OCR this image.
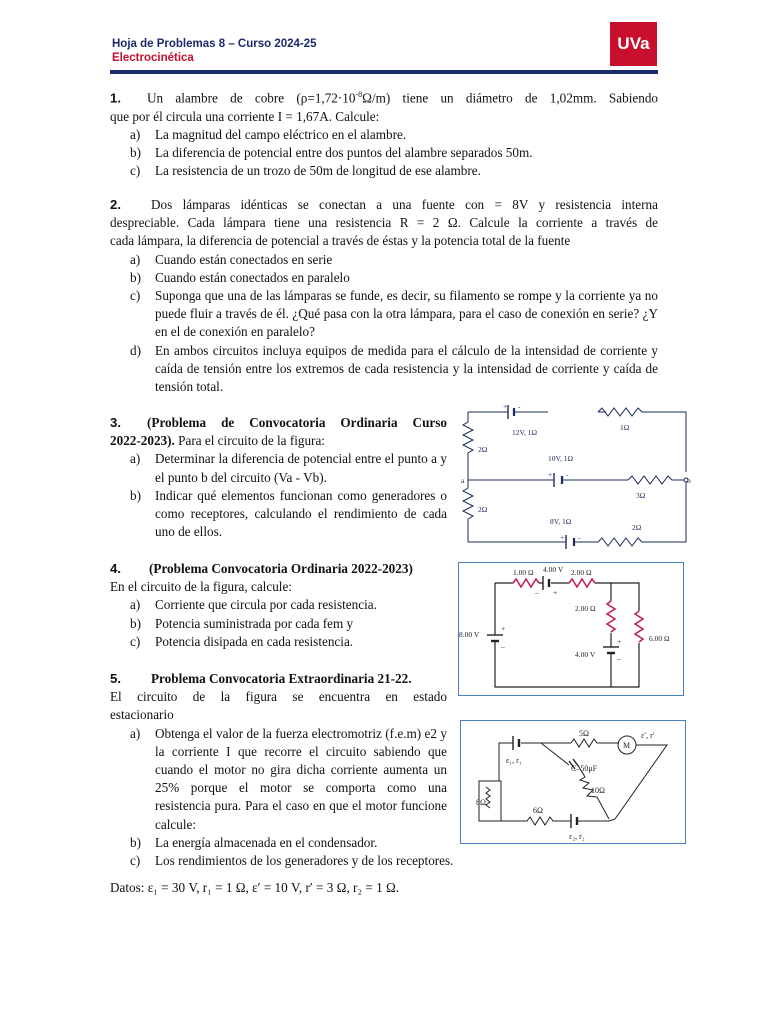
Hoja de Problemas 8 – Curso 2024-25
Electrocinética
UVa
1. Un alambre de cobre $(\rho=1,72\cdot 10^{-8}\Omega/m)$ tiene un diámetro de 1,02mm. Sabiendo
que por él circula una corriente I = 1,67A. Calcule:
a) La magnitud del campo eléctrico en el alambre.
b) La diferencia de potencial entre dos puntos del alambre separados 50m.
c) La resistencia de un trozo de 50m de longitud de ese alambre.
2. Dos lámparas idénticas se conectan a una fuente con = 8V y resistencia interna
despreciable. Cada lámpara tiene una resistencia R = 2 Ω. Calcule la corriente a través de
cada lámpara, la diferencia de potencial a través de éstas y la potencia total de la fuente
a) Cuando están conectados en serie
b) Cuando están conectados en paralelo
c) Suponga que una de las lámparas se funde, es decir, su filamento se rompe y la corriente ya no puede fluir a través de él. ¿Qué pasa con la otra lámpara, para el caso de conexión en serie? ¿Y en el de conexión en paralelo?
d) En ambos circuitos incluya equipos de medida para el cálculo de la intensidad de corriente y caída de tensión entre los extremos de cada resistencia y la intensidad de corriente y caída de tensión total.
3. (Problema de Convocatoria Ordinaria Curso
2022-2023). Para el circuito de la figura:
a) Determinar la diferencia de potencial entre el punto a y el punto b del circuito (Va - Vb).
b) Indicar qué elementos funcionan como generadores o como receptores, calculando el rendimiento de cada uno de ellos.
12V, 1Ω
1Ω
2Ω
2Ω
10V, 1Ω
3Ω
8V, 1Ω
2Ω
a	b
+ -
+ -
+ -
4. (Problema Convocatoria Ordinaria 2022-2023)
En el circuito de la figura, calcule:
a) Corriente que circula por cada resistencia.
b) Potencia suministrada por cada fem y
c) Potencia disipada en cada resistencia.
1.00 Ω 4.00 V 2.00 Ω
2.00 Ω
4.00 V
6.00 Ω
8.00 V
+
–
+
–
– +
5. Problema Convocatoria Extraordinaria 21-22.
El circuito de la figura se encuentra en estado
estacionario
a) Obtenga el valor de la fuerza electromotriz (f.e.m) e2 y la corriente I que recorre el circuito sabiendo que cuando el motor no gira dicha corriente aumenta un 25% porque el motor se comporta como una resistencia pura. Para el caso en que el motor funcione calcule:
b) La energía almacenada en el condensador.
c) Los rendimientos de los generadores y de los receptores.
Datos: ε₁ = 30 V, r₁ = 1 Ω, ε′ = 10 V, r′ = 3 Ω, r₂ = 1 Ω.
ε₁, r₁
5Ω
M
ε′, r′
C–50μF
10Ω
8Ω
6Ω
ε₂, r₂
